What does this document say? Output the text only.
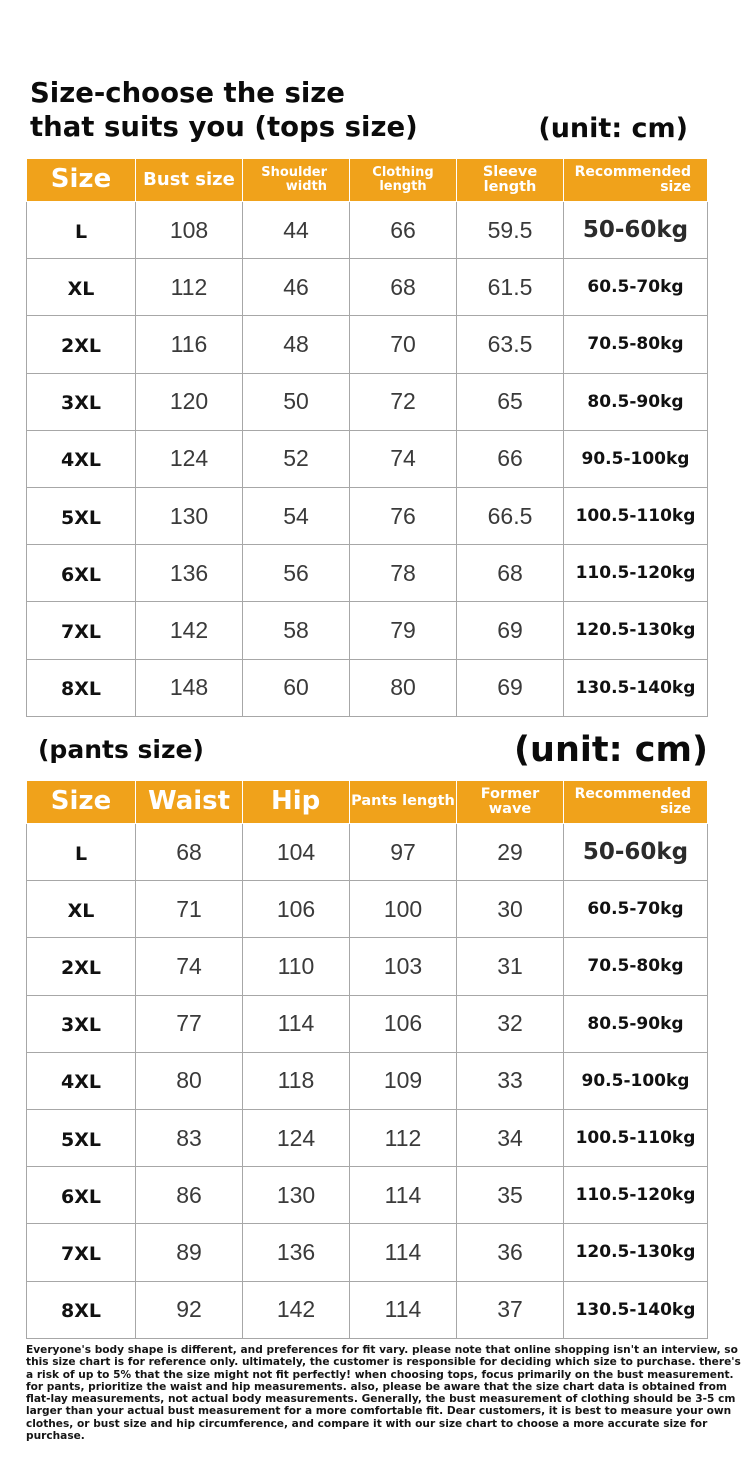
Size-choose the size
that suits you (tops size)	(unit: cm)
Size	Bust size	Shoulder width	Clothing length	Sleeve length	Recommended size

L	108	44	66	59.5	50-60kg
XL	112	46	68	61.5	60.5-70kg
2XL	116	48	70	63.5	70.5-80kg
3XL	120	50	72	65	80.5-90kg
4XL	124	52	74	66	90.5-100kg
5XL	130	54	76	66.5	100.5-110kg
6XL	136	56	78	68	110.5-120kg
7XL	142	58	79	69	120.5-130kg
8XL	148	60	80	69	130.5-140kg
(pants size)	(unit: cm)
Size	Waist	Hip	Pants length	Former wave	Recommended size

L	68	104	97	29	50-60kg
XL	71	106	100	30	60.5-70kg
2XL	74	110	103	31	70.5-80kg
3XL	77	114	106	32	80.5-90kg
4XL	80	118	109	33	90.5-100kg
5XL	83	124	112	34	100.5-110kg
6XL	86	130	114	35	110.5-120kg
7XL	89	136	114	36	120.5-130kg
8XL	92	142	114	37	130.5-140kg
Everyone's body shape is different, and preferences for fit vary. please note that online shopping isn't an interview, so this size chart is for reference only. ultimately, the customer is responsible for deciding which size to purchase. there's a risk of up to 5% that the size might not fit perfectly! when choosing tops, focus primarily on the bust measurement. for pants, prioritize the waist and hip measurements. also, please be aware that the size chart data is obtained from flat-lay measurements, not actual body measurements. Generally, the bust measurement of clothing should be 3-5 cm larger than your actual bust measurement for a more comfortable fit. Dear customers, it is best to measure your own clothes, or bust size and hip circumference, and compare it with our size chart to choose a more accurate size for purchase.
